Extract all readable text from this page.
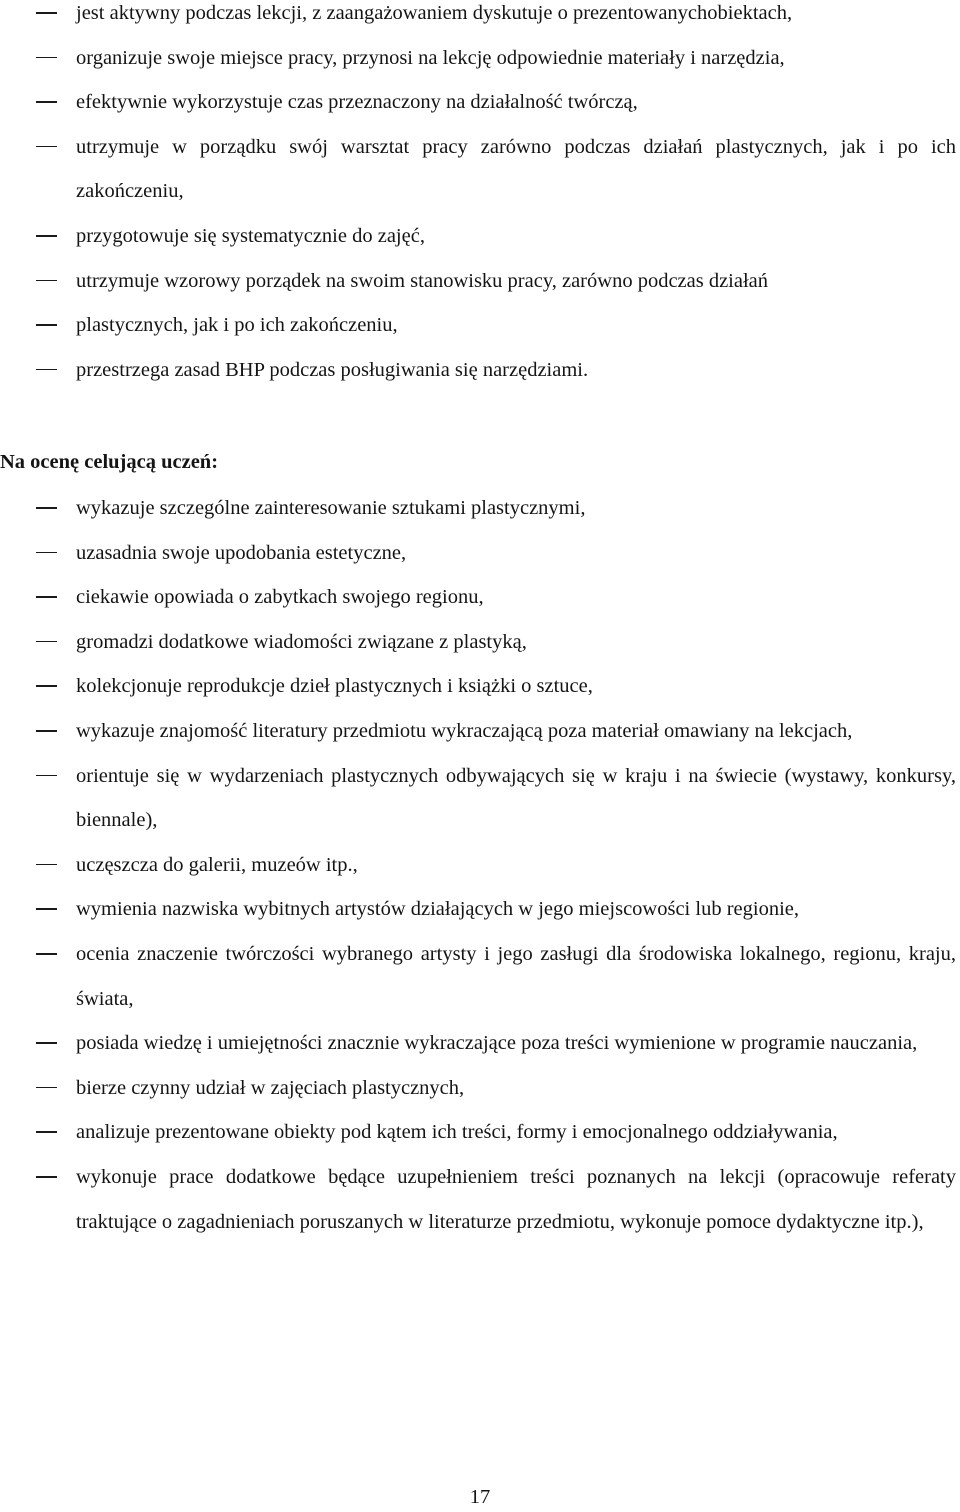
jest aktywny podczas lekcji, z zaangażowaniem dyskutuje o prezentowanychobiektach,
organizuje swoje miejsce pracy, przynosi na lekcję odpowiednie materiały i narzędzia,
efektywnie wykorzystuje czas przeznaczony na działalność twórczą,
utrzymuje w porządku swój warsztat pracy zarówno podczas działań plastycznych, jak i po ich zakończeniu,
przygotowuje się systematycznie do zajęć,
utrzymuje wzorowy porządek na swoim stanowisku pracy, zarówno podczas działań
plastycznych, jak i po ich zakończeniu,
przestrzega zasad BHP podczas posługiwania się narzędziami.

Na ocenę celującą uczeń:

wykazuje szczególne zainteresowanie sztukami plastycznymi,
uzasadnia swoje upodobania estetyczne,
ciekawie opowiada o zabytkach swojego regionu,
gromadzi dodatkowe wiadomości związane z plastyką,
kolekcjonuje reprodukcje dzieł plastycznych i książki o sztuce,
wykazuje znajomość literatury przedmiotu wykraczającą poza materiał omawiany na lekcjach,
orientuje się w wydarzeniach plastycznych odbywających się w kraju i na świecie (wystawy, konkursy, biennale),
uczęszcza do galerii, muzeów itp.,
wymienia nazwiska wybitnych artystów działających w jego miejscowości lub regionie,
ocenia znaczenie twórczości wybranego artysty i jego zasługi dla środowiska lokalnego, regionu, kraju, świata,
posiada wiedzę i umiejętności znacznie wykraczające poza treści wymienione w programie nauczania,
bierze czynny udział w zajęciach plastycznych,
analizuje prezentowane obiekty pod kątem ich treści, formy i emocjonalnego oddziaływania,
wykonuje prace dodatkowe będące uzupełnieniem treści poznanych na lekcji (opracowuje referaty traktujące o zagadnieniach poruszanych w literaturze przedmiotu, wykonuje pomoce dydaktyczne itp.),
17
